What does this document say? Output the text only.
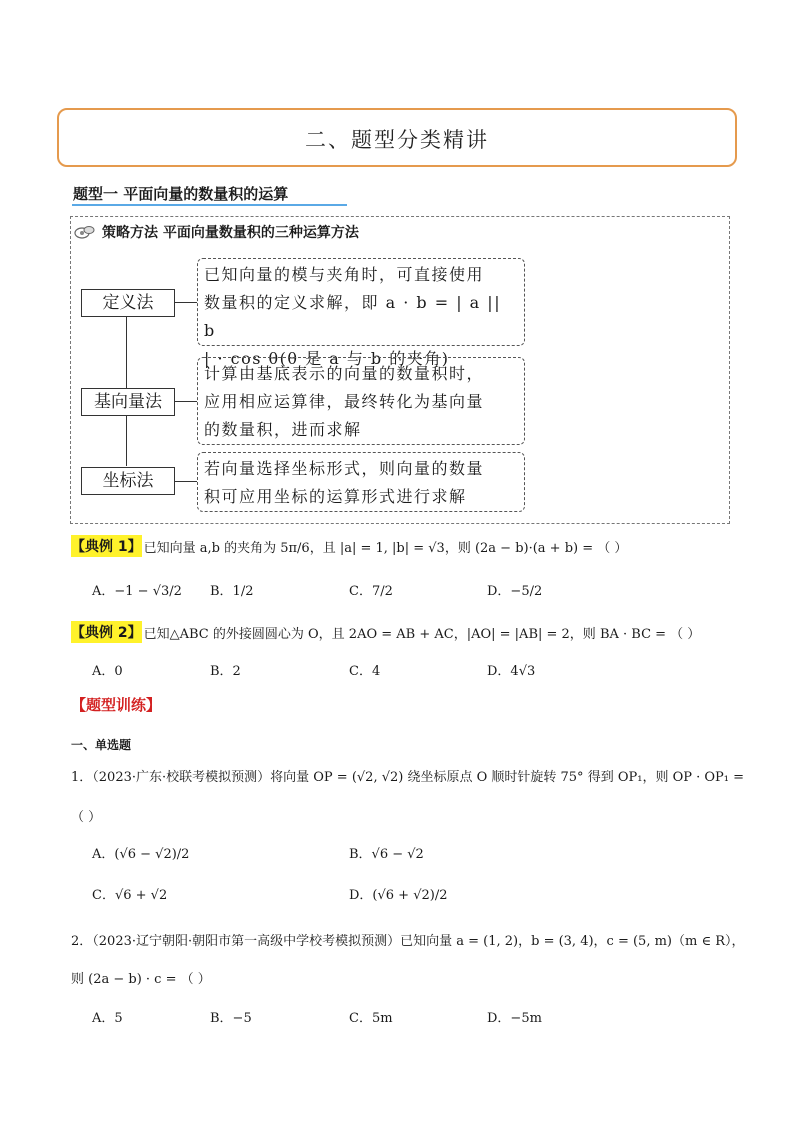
二、题型分类精讲
题型一 平面向量的数量积的运算
策略方法 平面向量数量积的三种运算方法
定义法
基向量法
坐标法
已知向量的模与夹角时，可直接使用
数量积的定义求解，即 a · b = | a || b
| · cos θ(θ 是 a 与 b 的夹角)
计算由基底表示的向量的数量积时，
应用相应运算律，最终转化为基向量
的数量积，进而求解
若向量选择坐标形式，则向量的数量
积可应用坐标的运算形式进行求解
【典例 1】 已知向量 a,b 的夹角为 5π/6，且 |a| = 1, |b| = √3，则 (2a − b)·(a + b) = （ ）
A．−1 − √3/2 B．1/2	C．7/2	D．−5/2
【典例 2】 已知△ABC 的外接圆圆心为 O，且 2AO = AB + AC，|AO| = |AB| = 2，则 BA · BC = （ ）
A．0	B．2	C．4	D．4√3
【题型训练】
一、单选题
1．（2023·广东·校联考模拟预测）将向量 OP = (√2, √2) 绕坐标原点 O 顺时针旋转 75° 得到 OP₁，则 OP · OP₁ =
（ ）
A．(√6 − √2)/2	B．√6 − √2
C．√6 + √2	D．(√6 + √2)/2
2．（2023·辽宁朝阳·朝阳市第一高级中学校考模拟预测）已知向量 a = (1, 2)，b = (3, 4)，c = (5, m)（m ∈ R），
则 (2a − b) · c = （ ）
A．5	B．−5	C．5m	D．−5m
